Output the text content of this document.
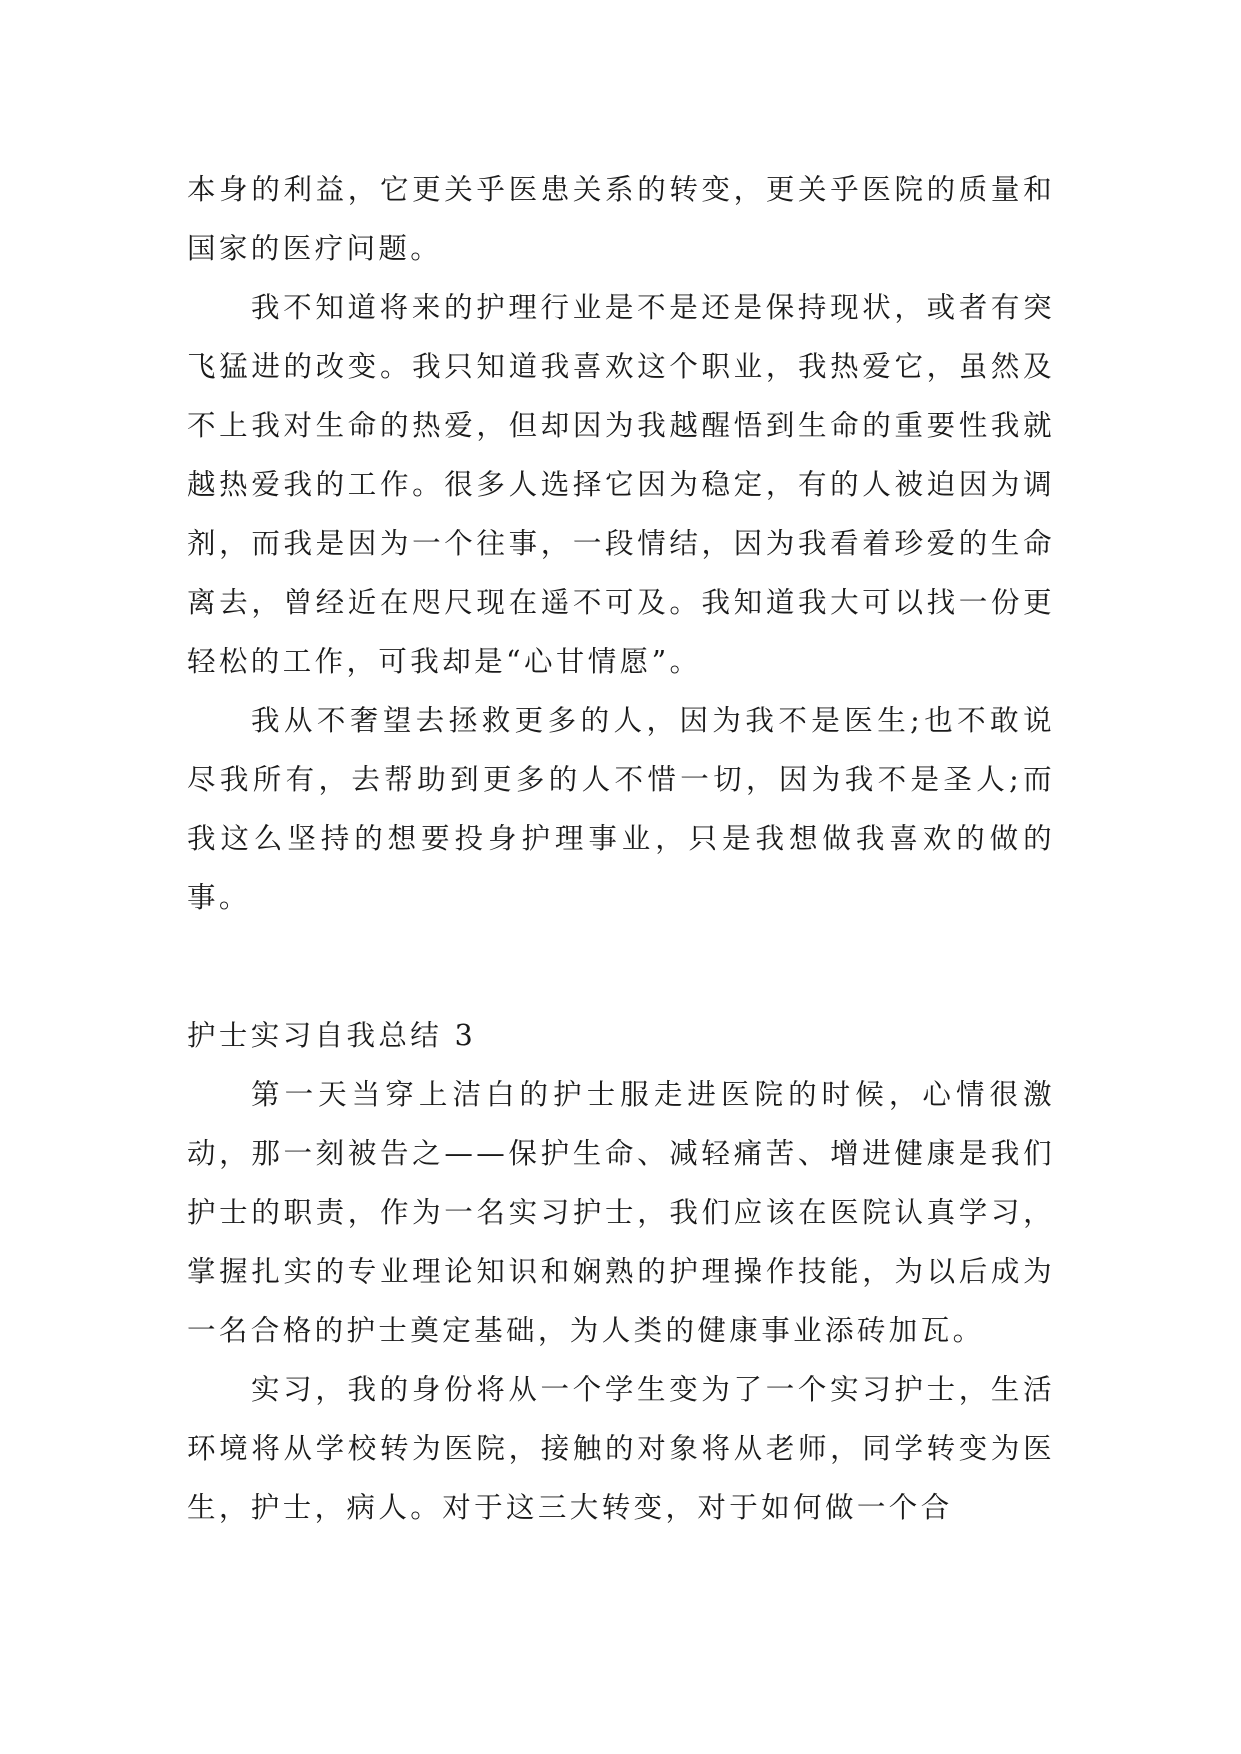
本身的利益，它更关乎医患关系的转变，更关乎医院的质量和国家的医疗问题。

我不知道将来的护理行业是不是还是保持现状，或者有突飞猛进的改变。我只知道我喜欢这个职业，我热爱它，虽然及不上我对生命的热爱，但却因为我越醒悟到生命的重要性我就越热爱我的工作。很多人选择它因为稳定，有的人被迫因为调剂，而我是因为一个往事，一段情结，因为我看着珍爱的生命离去，曾经近在咫尺现在遥不可及。我知道我大可以找一份更轻松的工作，可我却是“心甘情愿”。

我从不奢望去拯救更多的人，因为我不是医生;也不敢说尽我所有，去帮助到更多的人不惜一切，因为我不是圣人;而我这么坚持的想要投身护理事业，只是我想做我喜欢的做的事。

护士实习自我总结 3

第一天当穿上洁白的护士服走进医院的时候，心情很激动，那一刻被告之——保护生命、减轻痛苦、增进健康是我们护士的职责，作为一名实习护士，我们应该在医院认真学习，掌握扎实的专业理论知识和娴熟的护理操作技能，为以后成为一名合格的护士奠定基础，为人类的健康事业添砖加瓦。

实习，我的身份将从一个学生变为了一个实习护士，生活环境将从学校转为医院，接触的对象将从老师，同学转变为医生，护士，病人。对于这三大转变，对于如何做一个合
